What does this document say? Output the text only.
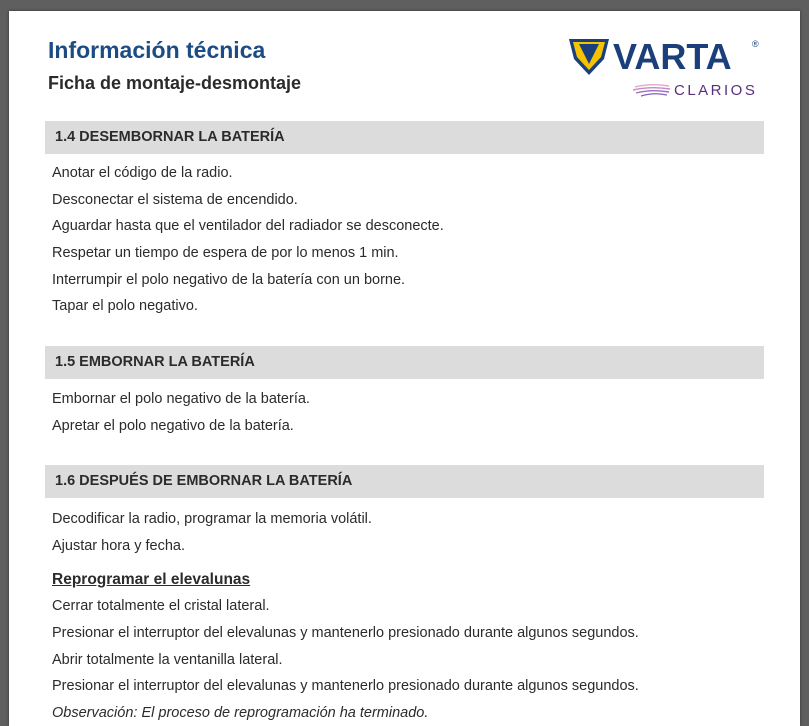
Información técnica
Ficha de montaje-desmontaje
VARTA ®
CLARIOS
1.4 DESEMBORNAR LA BATERÍA
Anotar el código de la radio.
Desconectar el sistema de encendido.
Aguardar hasta que el ventilador del radiador se desconecte.
Respetar un tiempo de espera de por lo menos 1 min.
Interrumpir el polo negativo de la batería con un borne.
Tapar el polo negativo.
1.5 EMBORNAR LA BATERÍA
Embornar el polo negativo de la batería.
Apretar el polo negativo de la batería.
1.6 DESPUÉS DE EMBORNAR LA BATERÍA
Decodificar la radio, programar la memoria volátil.
Ajustar hora y fecha.
Reprogramar el elevalunas
Cerrar totalmente el cristal lateral.
Presionar el interruptor del elevalunas y mantenerlo presionado durante algunos segundos.
Abrir totalmente la ventanilla lateral.
Presionar el interruptor del elevalunas y mantenerlo presionado durante algunos segundos.
Observación: El proceso de reprogramación ha terminado.
